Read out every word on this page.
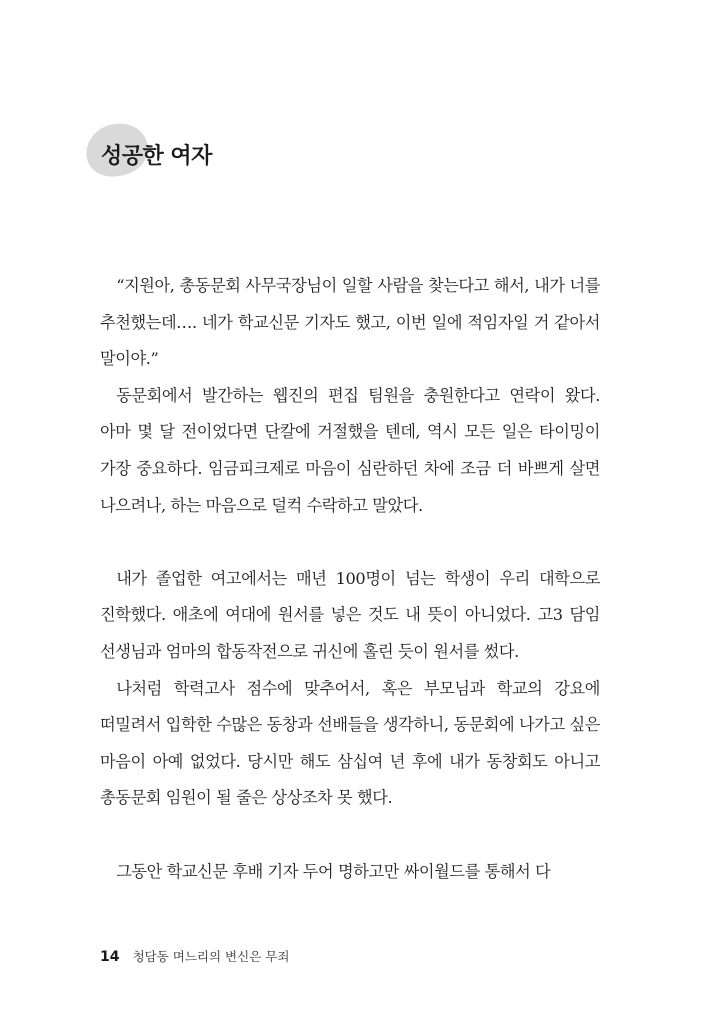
성공한 여자

“지원아, 총동문회 사무국장님이 일할 사람을 찾는다고 해서, 내가 너를 추천했는데…. 네가 학교신문 기자도 했고, 이번 일에 적임자일 거 같아서 말이야.”

동문회에서 발간하는 웹진의 편집 팀원을 충원한다고 연락이 왔다. 아마 몇 달 전이었다면 단칼에 거절했을 텐데, 역시 모든 일은 타이밍이 가장 중요하다. 임금피크제로 마음이 심란하던 차에 조금 더 바쁘게 살면 나으려나, 하는 마음으로 덜컥 수락하고 말았다.

내가 졸업한 여고에서는 매년 100명이 넘는 학생이 우리 대학으로 진학했다. 애초에 여대에 원서를 넣은 것도 내 뜻이 아니었다. 고3 담임 선생님과 엄마의 합동작전으로 귀신에 홀린 듯이 원서를 썼다.

나처럼 학력고사 점수에 맞추어서, 혹은 부모님과 학교의 강요에 떠밀려서 입학한 수많은 동창과 선배들을 생각하니, 동문회에 나가고 싶은 마음이 아예 없었다. 당시만 해도 삼십여 년 후에 내가 동창회도 아니고 총동문회 임원이 될 줄은 상상조차 못 했다.

그동안 학교신문 후배 기자 두어 명하고만 싸이월드를 통해서 다

14 청담동 며느리의 변신은 무죄
